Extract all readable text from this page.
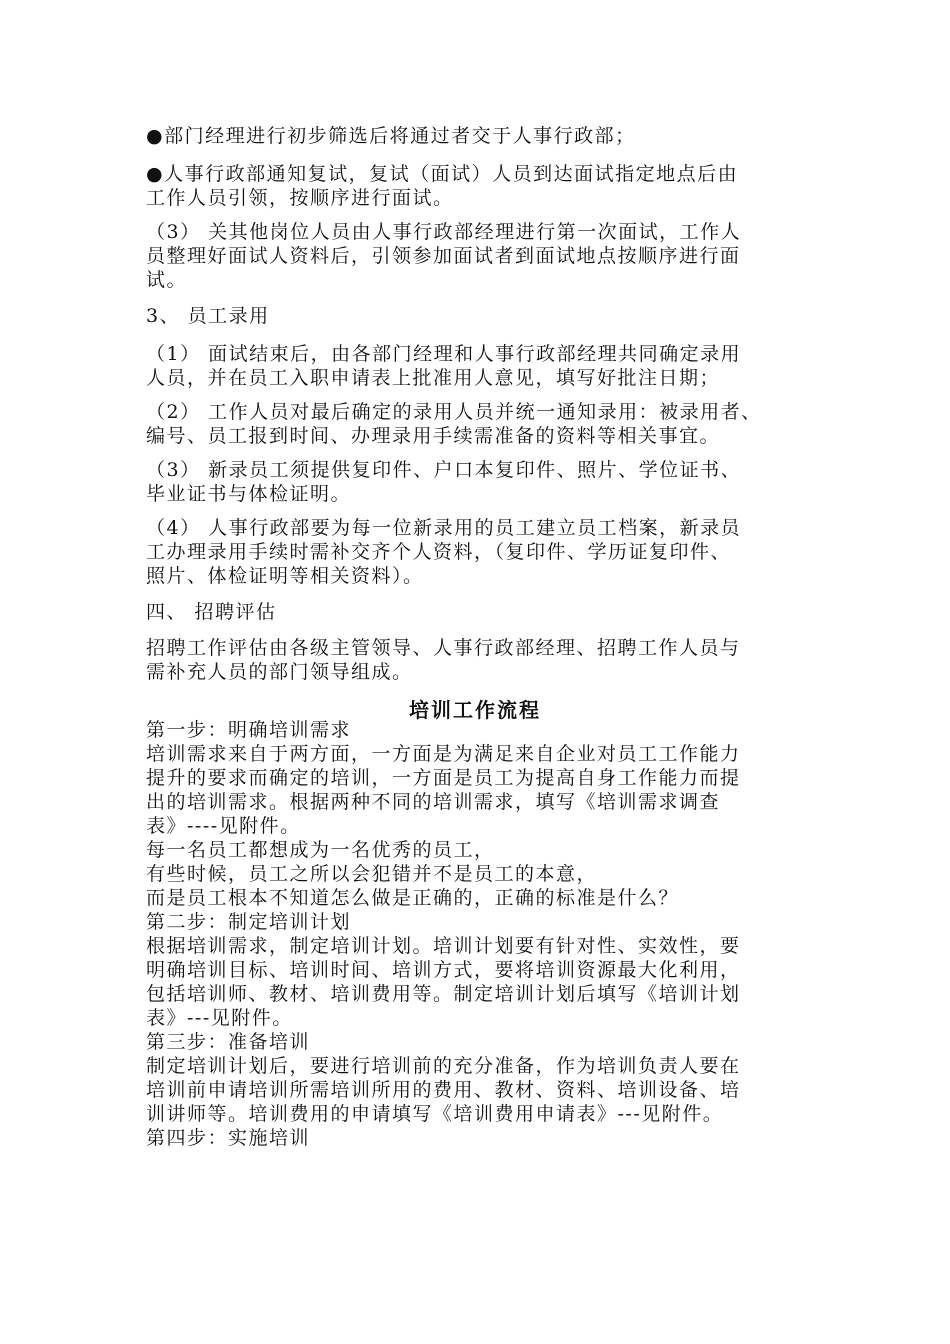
●部门经理进行初步筛选后将通过者交于人事行政部；

●人事行政部通知复试，复试（面试）人员到达面试指定地点后由
工作人员引领，按顺序进行面试。

（3） 关其他岗位人员由人事行政部经理进行第一次面试，工作人
员整理好面试人资料后，引领参加面试者到面试地点按顺序进行面
试。

3、 员工录用

（1） 面试结束后，由各部门经理和人事行政部经理共同确定录用
人员，并在员工入职申请表上批准用人意见，填写好批注日期；

（2） 工作人员对最后确定的录用人员并统一通知录用：被录用者、
编号、员工报到时间、办理录用手续需准备的资料等相关事宜。

（3） 新录员工须提供复印件、户口本复印件、照片、学位证书、
毕业证书与体检证明。

（4） 人事行政部要为每一位新录用的员工建立员工档案，新录员
工办理录用手续时需补交齐个人资料，（复印件、学历证复印件、
照片、体检证明等相关资料）。

四、 招聘评估

招聘工作评估由各级主管领导、人事行政部经理、招聘工作人员与
需补充人员的部门领导组成。

培训工作流程
第一步：明确培训需求
培训需求来自于两方面，一方面是为满足来自企业对员工工作能力
提升的要求而确定的培训，一方面是员工为提高自身工作能力而提
出的培训需求。根据两种不同的培训需求，填写《培训需求调查
表》----见附件。
每一名员工都想成为一名优秀的员工，
有些时候，员工之所以会犯错并不是员工的本意，
而是员工根本不知道怎么做是正确的，正确的标准是什么？
第二步：制定培训计划
根据培训需求，制定培训计划。培训计划要有针对性、实效性，要
明确培训目标、培训时间、培训方式，要将培训资源最大化利用，
包括培训师、教材、培训费用等。制定培训计划后填写《培训计划
表》---见附件。
第三步：准备培训
制定培训计划后，要进行培训前的充分准备，作为培训负责人要在
培训前申请培训所需培训所用的费用、教材、资料、培训设备、培
训讲师等。培训费用的申请填写《培训费用申请表》---见附件。
第四步：实施培训
